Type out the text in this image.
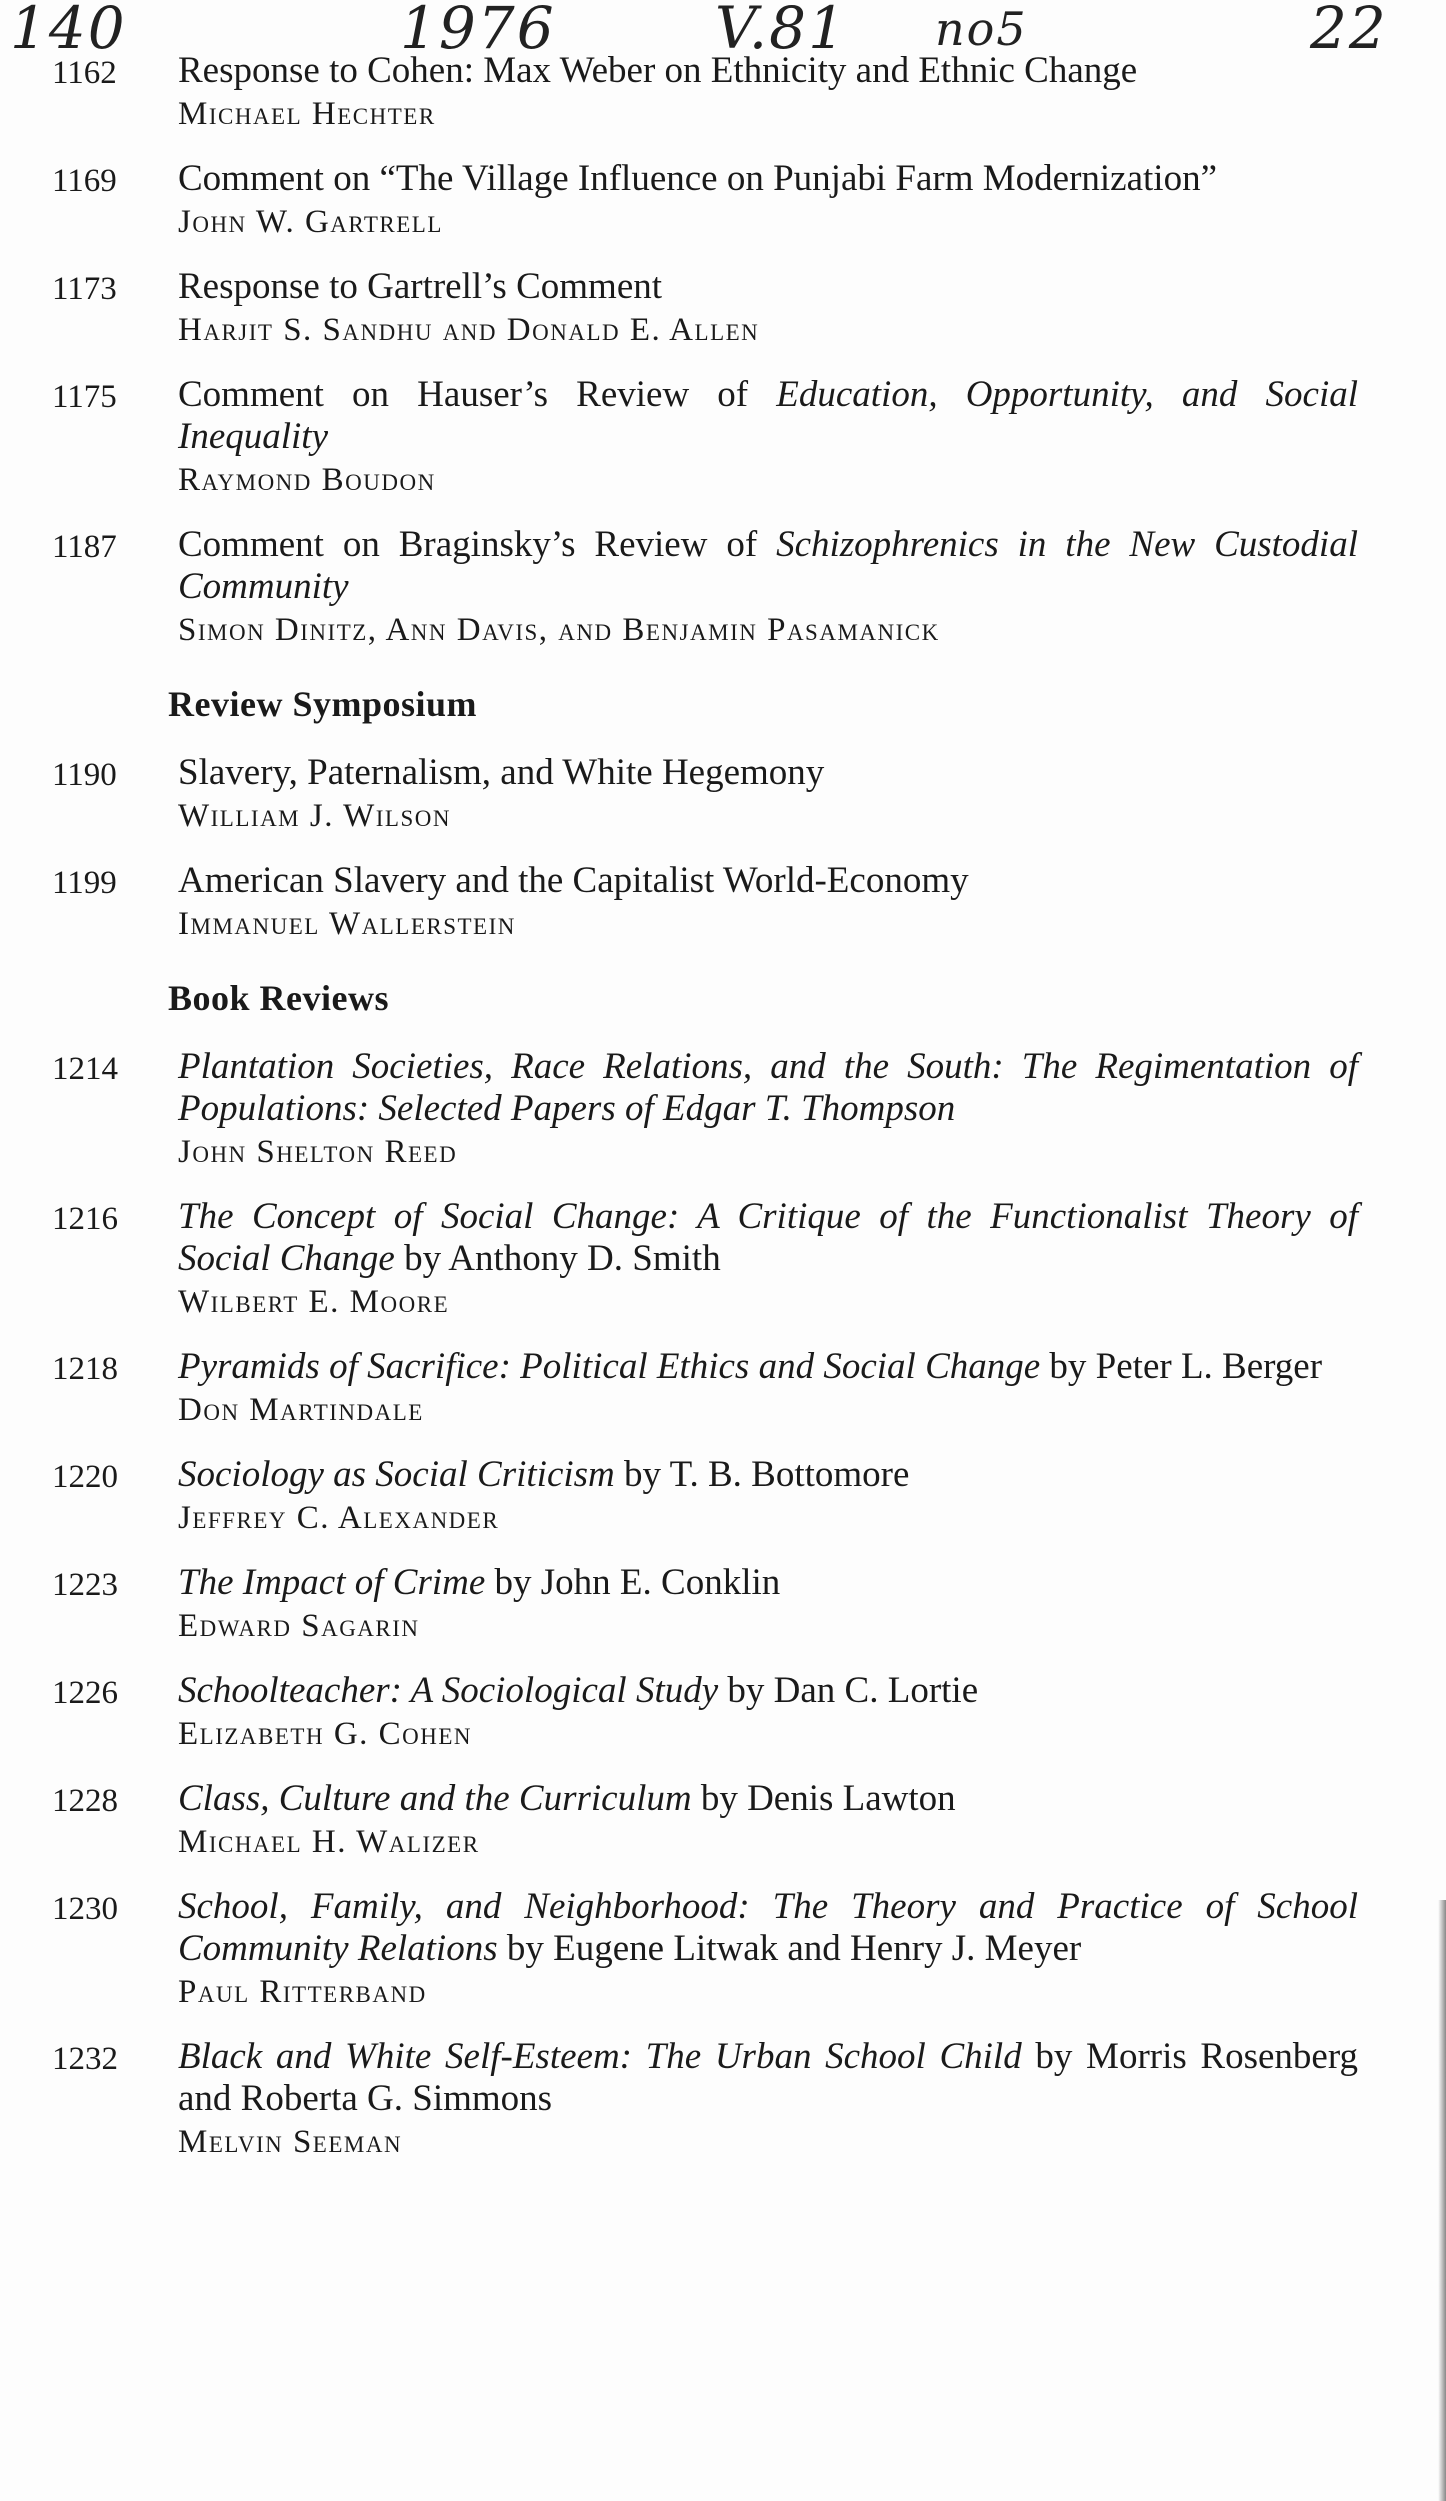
140	1976	V.81 no5	22
1162 Response to Cohen: Max Weber on Ethnicity and Ethnic Change
Michael Hechter
1169 Comment on “The Village Influence on Punjabi Farm Modernization”
John W. Gartrell
1173 Response to Gartrell’s Comment
Harjit S. Sandhu and Donald E. Allen
1175 Comment on Hauser’s Review of Education, Opportunity, and Social Inequality
Raymond Boudon
1187 Comment on Braginsky’s Review of Schizophrenics in the New Custodial Community
Simon Dinitz, Ann Davis, and Benjamin Pasamanick
Review Symposium
1190 Slavery, Paternalism, and White Hegemony
William J. Wilson
1199 American Slavery and the Capitalist World-Economy
Immanuel Wallerstein
Book Reviews
1214 Plantation Societies, Race Relations, and the South: The Regimentation of Populations: Selected Papers of Edgar T. Thompson
John Shelton Reed
1216 The Concept of Social Change: A Critique of the Functionalist Theory of Social Change by Anthony D. Smith
Wilbert E. Moore
1218 Pyramids of Sacrifice: Political Ethics and Social Change by Peter L. Berger
Don Martindale
1220 Sociology as Social Criticism by T. B. Bottomore
Jeffrey C. Alexander
1223 The Impact of Crime by John E. Conklin
Edward Sagarin
1226 Schoolteacher: A Sociological Study by Dan C. Lortie
Elizabeth G. Cohen
1228 Class, Culture and the Curriculum by Denis Lawton
Michael H. Walizer
1230 School, Family, and Neighborhood: The Theory and Practice of School Community Relations by Eugene Litwak and Henry J. Meyer
Paul Ritterband
1232 Black and White Self-Esteem: The Urban School Child by Morris Rosenberg and Roberta G. Simmons
Melvin Seeman
